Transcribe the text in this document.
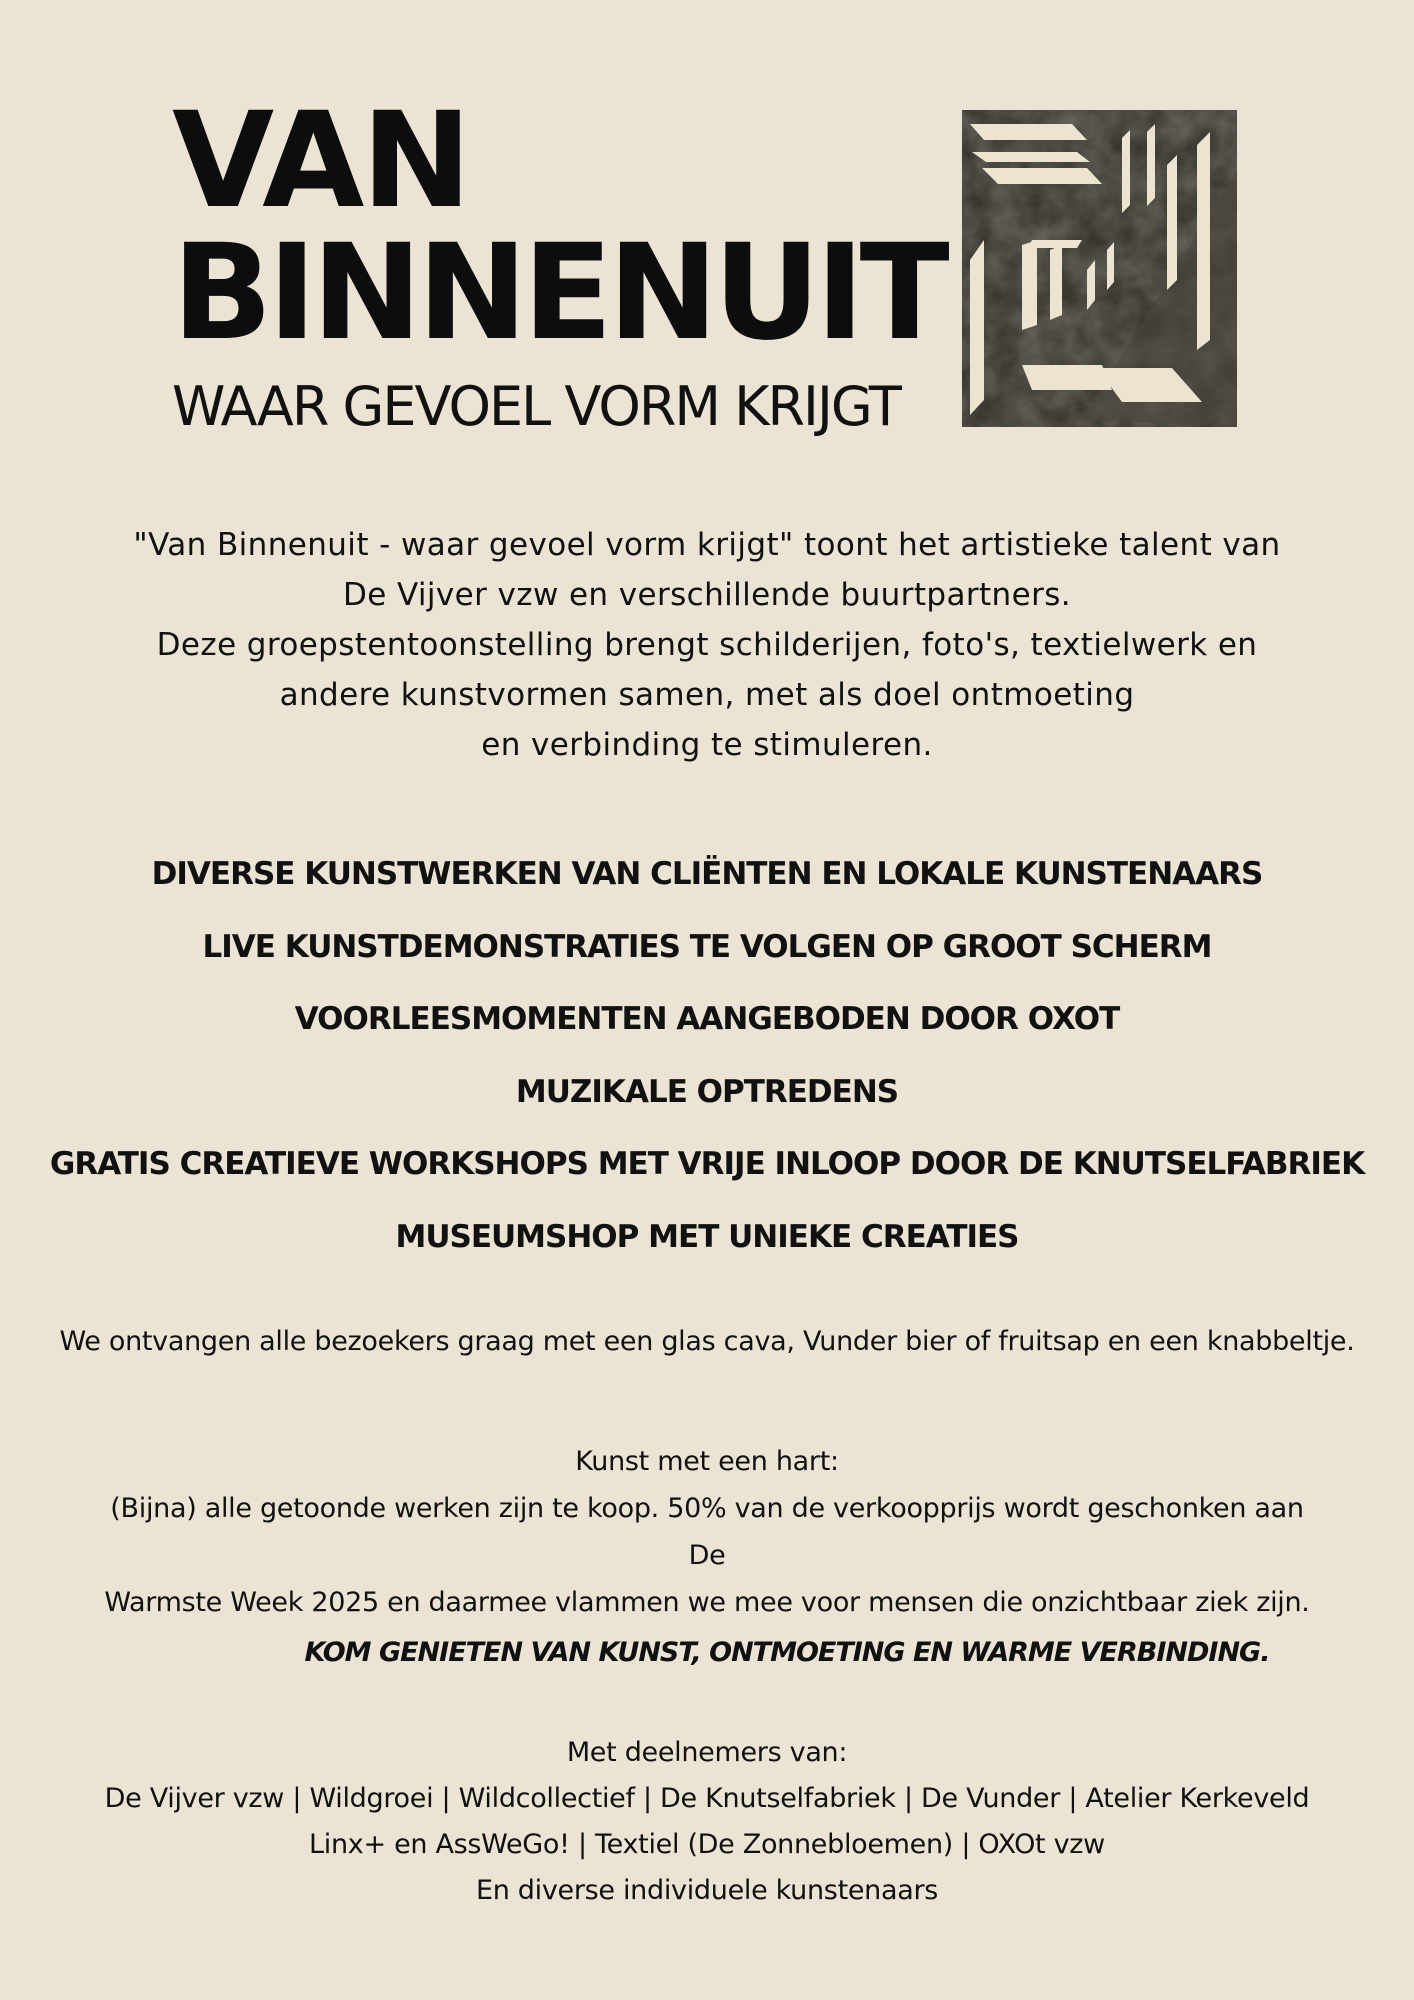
VAN
BINNENUIT
WAAR GEVOEL VORM KRIJGT

"Van Binnenuit - waar gevoel vorm krijgt" toont het artistieke talent van

De Vijver vzw en verschillende buurtpartners.

Deze groepstentoonstelling brengt schilderijen, foto's, textielwerk en

andere kunstvormen samen, met als doel ontmoeting

en verbinding te stimuleren.

DIVERSE KUNSTWERKEN VAN CLIËNTEN EN LOKALE KUNSTENAARS
LIVE KUNSTDEMONSTRATIES TE VOLGEN OP GROOT SCHERM
VOORLEESMOMENTEN AANGEBODEN DOOR OXOT
MUZIKALE OPTREDENS
GRATIS CREATIEVE WORKSHOPS MET VRIJE INLOOP DOOR DE KNUTSELFABRIEK
MUSEUMSHOP MET UNIEKE CREATIES
We ontvangen alle bezoekers graag met een glas cava, Vunder bier of fruitsap en een knabbeltje.

Kunst met een hart:

(Bijna) alle getoonde werken zijn te koop. 50% van de verkoopprijs wordt geschonken aan De

Warmste Week 2025 en daarmee vlammen we mee voor mensen die onzichtbaar ziek zijn.

KOM GENIETEN VAN KUNST, ONTMOETING EN WARME VERBINDING.

Met deelnemers van:

De Vijver vzw | Wildgroei | Wildcollectief | De Knutselfabriek | De Vunder | Atelier Kerkeveld

Linx+ en AssWeGo! | Textiel (De Zonnebloemen) | OXOt vzw

En diverse individuele kunstenaars
